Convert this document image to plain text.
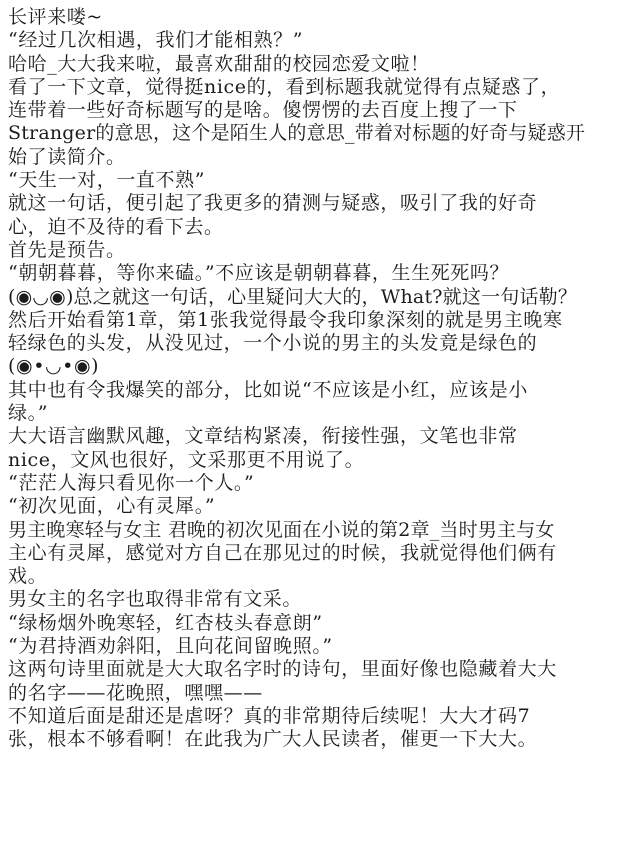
长评来喽~
“经过几次相遇，我们才能相熟？”
哈哈_大大我来啦，最喜欢甜甜的校园恋爱文啦！
看了一下文章，觉得挺nice的，看到标题我就觉得有点疑惑了，
连带着一些好奇标题写的是啥。傻愣愣的去百度上搜了一下
Stranger的意思，这个是陌生人的意思_带着对标题的好奇与疑惑开
始了读简介。
“天生一对，一直不熟”
就这一句话，便引起了我更多的猜测与疑惑，吸引了我的好奇
心，迫不及待的看下去。
首先是预告。
“朝朝暮暮，等你来磕。”不应该是朝朝暮暮，生生死死吗？
(◉◡◉)总之就这一句话，心里疑问大大的，What?就这一句话勒？
然后开始看第1章，第1张我觉得最令我印象深刻的就是男主晚寒
轻绿色的头发，从没见过，一个小说的男主的头发竟是绿色的
(◉•◡•◉)
其中也有令我爆笑的部分，比如说“不应该是小红，应该是小
绿。”
大大语言幽默风趣，文章结构紧凑，衔接性强，文笔也非常
nice，文风也很好，文采那更不用说了。
“茫茫人海只看见你一个人。”
“初次见面，心有灵犀。”
男主晚寒轻与女主 君晚的初次见面在小说的第2章_当时男主与女
主心有灵犀，感觉对方自己在那见过的时候，我就觉得他们俩有
戏。
男女主的名字也取得非常有文采。
“绿杨烟外晚寒轻，红杏枝头春意朗”
“为君持酒劝斜阳，且向花间留晚照。”
这两句诗里面就是大大取名字时的诗句，里面好像也隐藏着大大
的名字——花晚照，嘿嘿——
不知道后面是甜还是虐呀？真的非常期待后续呢！大大才码7
张，根本不够看啊！在此我为广大人民读者，催更一下大大。
